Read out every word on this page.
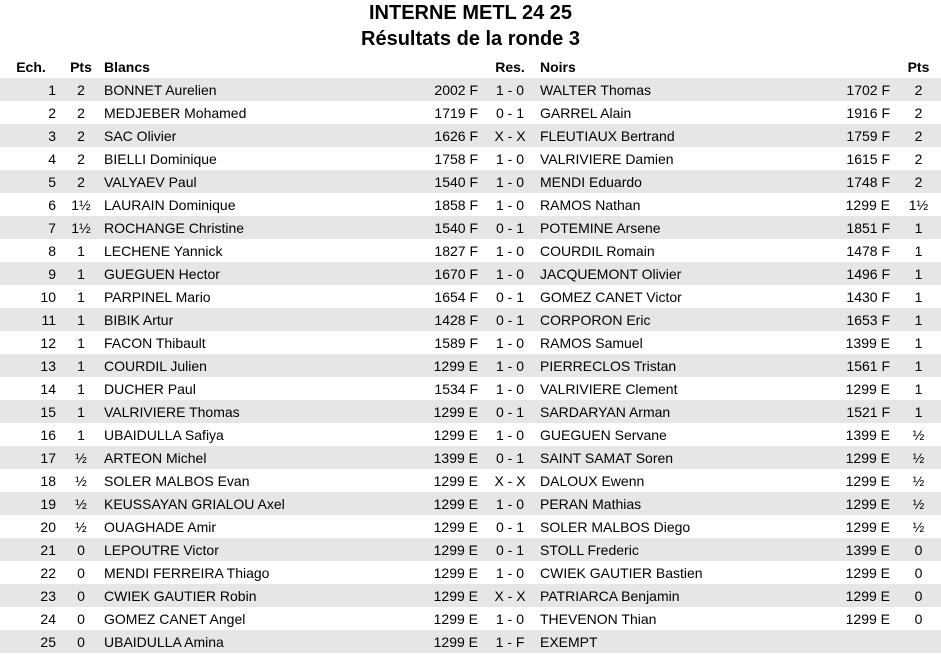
INTERNE METL 24 25
Résultats de la ronde 3
Ech.	Pts	Blancs		Res.	Noirs		Pts
1	2	BONNET Aurelien	2002 F	1 - 0	WALTER Thomas	1702 F	2
2	2	MEDJEBER Mohamed	1719 F	0 - 1	GARREL Alain	1916 F	2
3	2	SAC Olivier	1626 F	X - X	FLEUTIAUX Bertrand	1759 F	2
4	2	BIELLI Dominique	1758 F	1 - 0	VALRIVIERE Damien	1615 F	2
5	2	VALYAEV Paul	1540 F	1 - 0	MENDI Eduardo	1748 F	2
6	1½	LAURAIN Dominique	1858 F	1 - 0	RAMOS Nathan	1299 E	1½
7	1½	ROCHANGE Christine	1540 F	0 - 1	POTEMINE Arsene	1851 F	1
8	1	LECHENE Yannick	1827 F	1 - 0	COURDIL Romain	1478 F	1
9	1	GUEGUEN Hector	1670 F	1 - 0	JACQUEMONT Olivier	1496 F	1
10	1	PARPINEL Mario	1654 F	0 - 1	GOMEZ CANET Victor	1430 F	1
11	1	BIBIK Artur	1428 F	0 - 1	CORPORON Eric	1653 F	1
12	1	FACON Thibault	1589 F	1 - 0	RAMOS Samuel	1399 E	1
13	1	COURDIL Julien	1299 E	1 - 0	PIERRECLOS Tristan	1561 F	1
14	1	DUCHER Paul	1534 F	1 - 0	VALRIVIERE Clement	1299 E	1
15	1	VALRIVIERE Thomas	1299 E	0 - 1	SARDARYAN Arman	1521 F	1
16	1	UBAIDULLA Safiya	1299 E	1 - 0	GUEGUEN Servane	1399 E	½
17	½	ARTEON Michel	1399 E	0 - 1	SAINT SAMAT Soren	1299 E	½
18	½	SOLER MALBOS Evan	1299 E	X - X	DALOUX Ewenn	1299 E	½
19	½	KEUSSAYAN GRIALOU Axel	1299 E	1 - 0	PERAN Mathias	1299 E	½
20	½	OUAGHADE Amir	1299 E	0 - 1	SOLER MALBOS Diego	1299 E	½
21	0	LEPOUTRE Victor	1299 E	0 - 1	STOLL Frederic	1399 E	0
22	0	MENDI FERREIRA Thiago	1299 E	1 - 0	CWIEK GAUTIER Bastien	1299 E	0
23	0	CWIEK GAUTIER Robin	1299 E	X - X	PATRIARCA Benjamin	1299 E	0
24	0	GOMEZ CANET Angel	1299 E	1 - 0	THEVENON Thian	1299 E	0
25	0	UBAIDULLA Amina	1299 E	1 - F	EXEMPT		
